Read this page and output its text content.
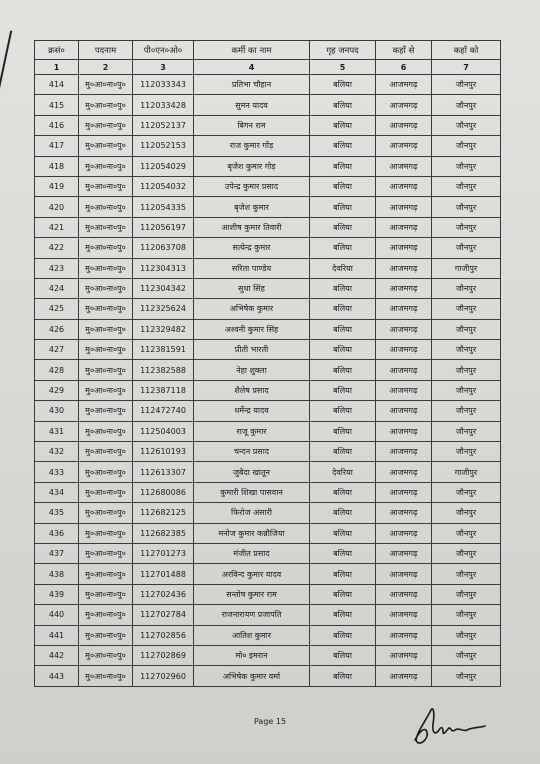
क्रसं०	पदनाम	पी०एन०ओ०	कर्मी का नाम	गृह जनपद	कहाँ से	कहाँ को
1	2	3	4	5	6	7
414	मु०आ०ना०पु०	112033343	प्रतिभा चौहान	बलिया	आजमगढ़	जौनपुर
415	मु०आ०ना०पु०	112033428	सुमन यादव	बलिया	आजमगढ़	जौनपुर
416	मु०आ०ना०पु०	112052137	बिगन राम	बलिया	आजमगढ़	जौनपुर
417	मु०आ०ना०पु०	112052153	राज कुमार गोंड़	बलिया	आजमगढ़	जौनपुर
418	मु०आ०ना०पु०	112054029	बृजेश कुमार गोड़	बलिया	आजमगढ़	जौनपुर
419	मु०आ०ना०पु०	112054032	उपेन्द्र कुमार प्रसाद	बलिया	आजमगढ़	जौनपुर
420	मु०आ०ना०पु०	112054335	बृजेश कुमार	बलिया	आजमगढ़	जौनपुर
421	मु०आ०ना०पु०	112056197	आशीष कुमार तिवारी	बलिया	आजमगढ़	जौनपुर
422	मु०आ०ना०पु०	112063708	सत्येन्द्र कुमार	बलिया	आजमगढ़	जौनपुर
423	मु०आ०ना०पु०	112304313	सरिता पाण्डेय	देवरिया	आजमगढ़	गाजीपुर
424	मु०आ०ना०पु०	112304342	सुधा सिंह	बलिया	आजमगढ़	जौनपुर
425	मु०आ०ना०पु०	112325624	अभिषेक कुमार	बलिया	आजमगढ़	जौनपुर
426	मु०आ०ना०पु०	112329482	अश्वनी कुमार सिंह	बलिया	आजमगढ़	जौनपुर
427	मु०आ०ना०पु०	112381591	प्रीती भारती	बलिया	आजमगढ़	जौनपुर
428	मु०आ०ना०पु०	112382588	नेहा शुक्ला	बलिया	आजमगढ़	जौनपुर
429	मु०आ०ना०पु०	112387118	शैलेष प्रसाद	बलिया	आजमगढ़	जौनपुर
430	मु०आ०ना०पु०	112472740	धर्मेन्द्र यादव	बलिया	आजमगढ़	जौनपुर
431	मु०आ०ना०पु०	112504003	राजू कुमार	बलिया	आजमगढ़	जौनपुर
432	मु०आ०ना०पु०	112610193	चन्दन प्रसाद	बलिया	आजमगढ़	जौनपुर
433	मु०आ०ना०पु०	112613307	जुबैदा खातून	देवरिया	आजमगढ़	गाजीपुर
434	मु०आ०ना०पु०	112680086	कुमारी शिखा पासवान	बलिया	आजमगढ़	जौनपुर
435	मु०आ०ना०पु०	112682125	फिरोज अंसारी	बलिया	आजमगढ़	जौनपुर
436	मु०आ०ना०पु०	112682385	मनोज कुमार कन्नौजिया	बलिया	आजमगढ़	जौनपुर
437	मु०आ०ना०पु०	112701273	मंजीत प्रसाद	बलिया	आजमगढ़	जौनपुर
438	मु०आ०ना०पु०	112701488	अरविन्द कुमार यादव	बलिया	आजमगढ़	जौनपुर
439	मु०आ०ना०पु०	112702436	सन्तोष कुमार राम	बलिया	आजमगढ़	जौनपुर
440	मु०आ०ना०पु०	112702784	राजनारायण प्रजापति	बलिया	आजमगढ़	जौनपुर
441	मु०आ०ना०पु०	112702856	आतिश कुमार	बलिया	आजमगढ़	जौनपुर
442	मु०आ०ना०पु०	112702869	मो० इमरान	बलिया	आजमगढ़	जौनपुर
443	मु०आ०ना०पु०	112702960	अभिषेक कुमार वर्मा	बलिया	आजमगढ़	जौनपुर
Page 15
